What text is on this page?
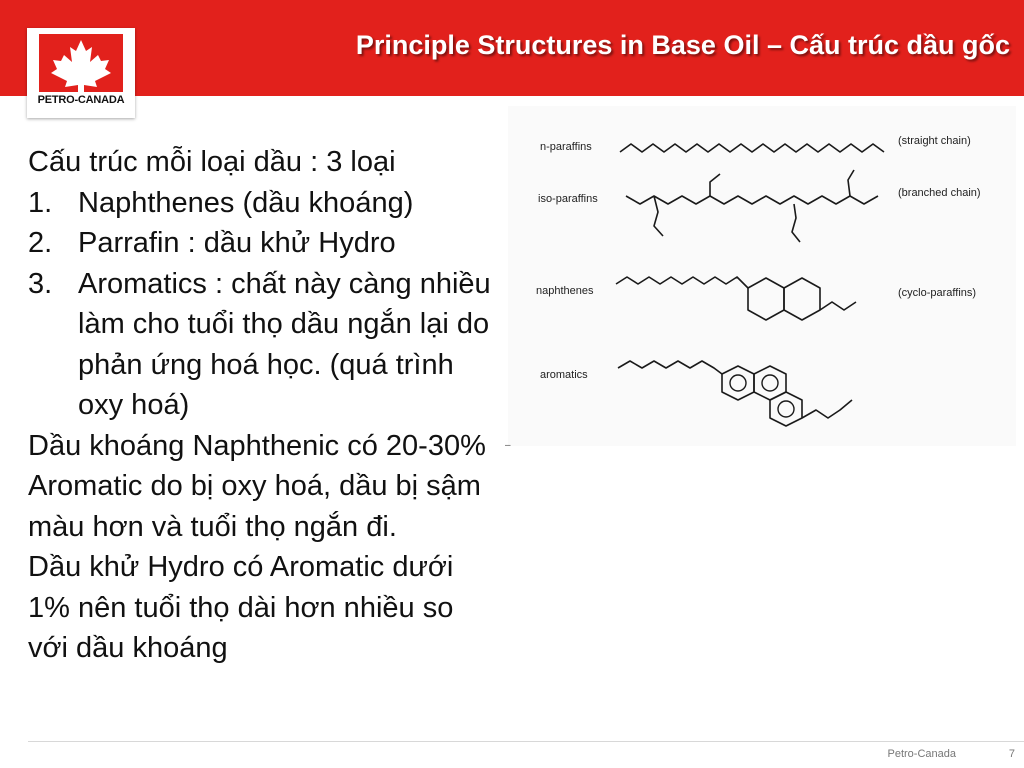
Principle Structures in Base Oil – Cấu trúc dầu gốc
PETRO-CANADA

Cấu trúc mỗi loại dầu : 3 loại

1. Naphthenes (dầu khoáng)
2. Parrafin : dầu khử Hydro
3. Aromatics : chất này càng nhiều làm cho tuổi thọ dầu ngắn lại do phản ứng hoá học. (quá trình oxy hoá)

Dầu khoáng Naphthenic có 20-30% Aromatic do bị oxy hoá, dầu bị sậm màu hơn và tuổi thọ ngắn đi.

Dầu khử Hydro có Aromatic dưới 1% nên tuổi thọ dài hơn nhiều so với dầu khoáng

n-paraffins	(straight chain)
iso-paraffins	(branched chain)
naphthenes	(cyclo-paraffins)
aromatics
–
Petro-Canada	7
